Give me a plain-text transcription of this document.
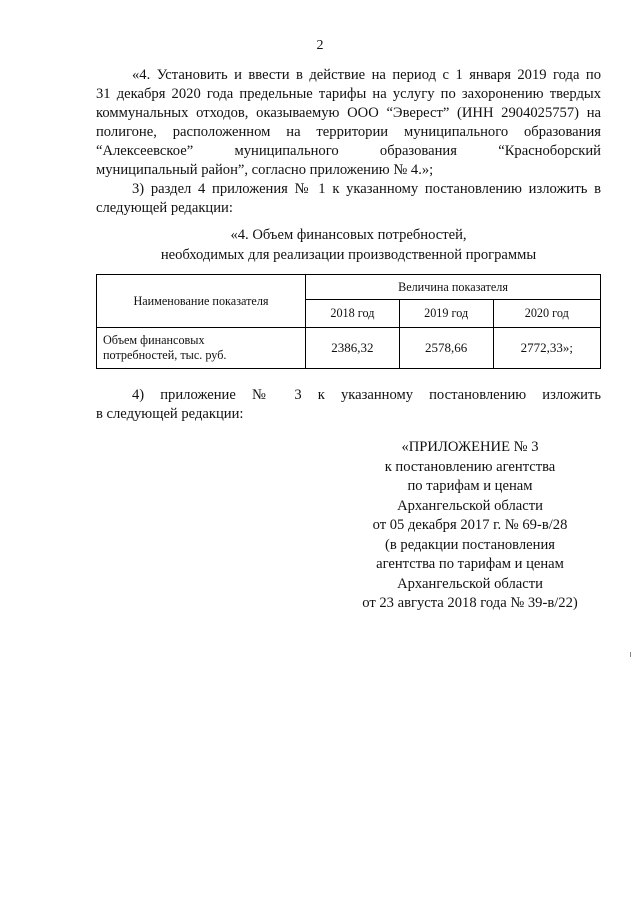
2
«4. Установить и ввести в действие на период с 1 января 2019 года по
31 декабря 2020 года предельные тарифы на услугу по захоронению твердых
коммунальных отходов, оказываемую ООО “Эверест” (ИНН 2904025757) на
полигоне, расположенном на территории муниципального образования
“Алексеевское” муниципального образования “Красноборский
муниципальный район”, согласно приложению № 4.»;
3) раздел 4 приложения № 1 к указанному постановлению изложить в
следующей редакции:
«4. Объем финансовых потребностей,
необходимых для реализации производственной программы
Наименование показателя	Величина показателя		
	2018 год	2019 год	2020 год

Объем финансовых
потребностей, тыс. руб.	2386,32	2578,66	2772,33»;
4) приложение № 3 к указанному постановлению изложить
в следующей редакции:
«ПРИЛОЖЕНИЕ № 3
к постановлению агентства
по тарифам и ценам
Архангельской области
от 05 декабря 2017 г. № 69-в/28
(в редакции постановления
агентства по тарифам и ценам
Архангельской области
от 23 августа 2018 года № 39-в/22)
